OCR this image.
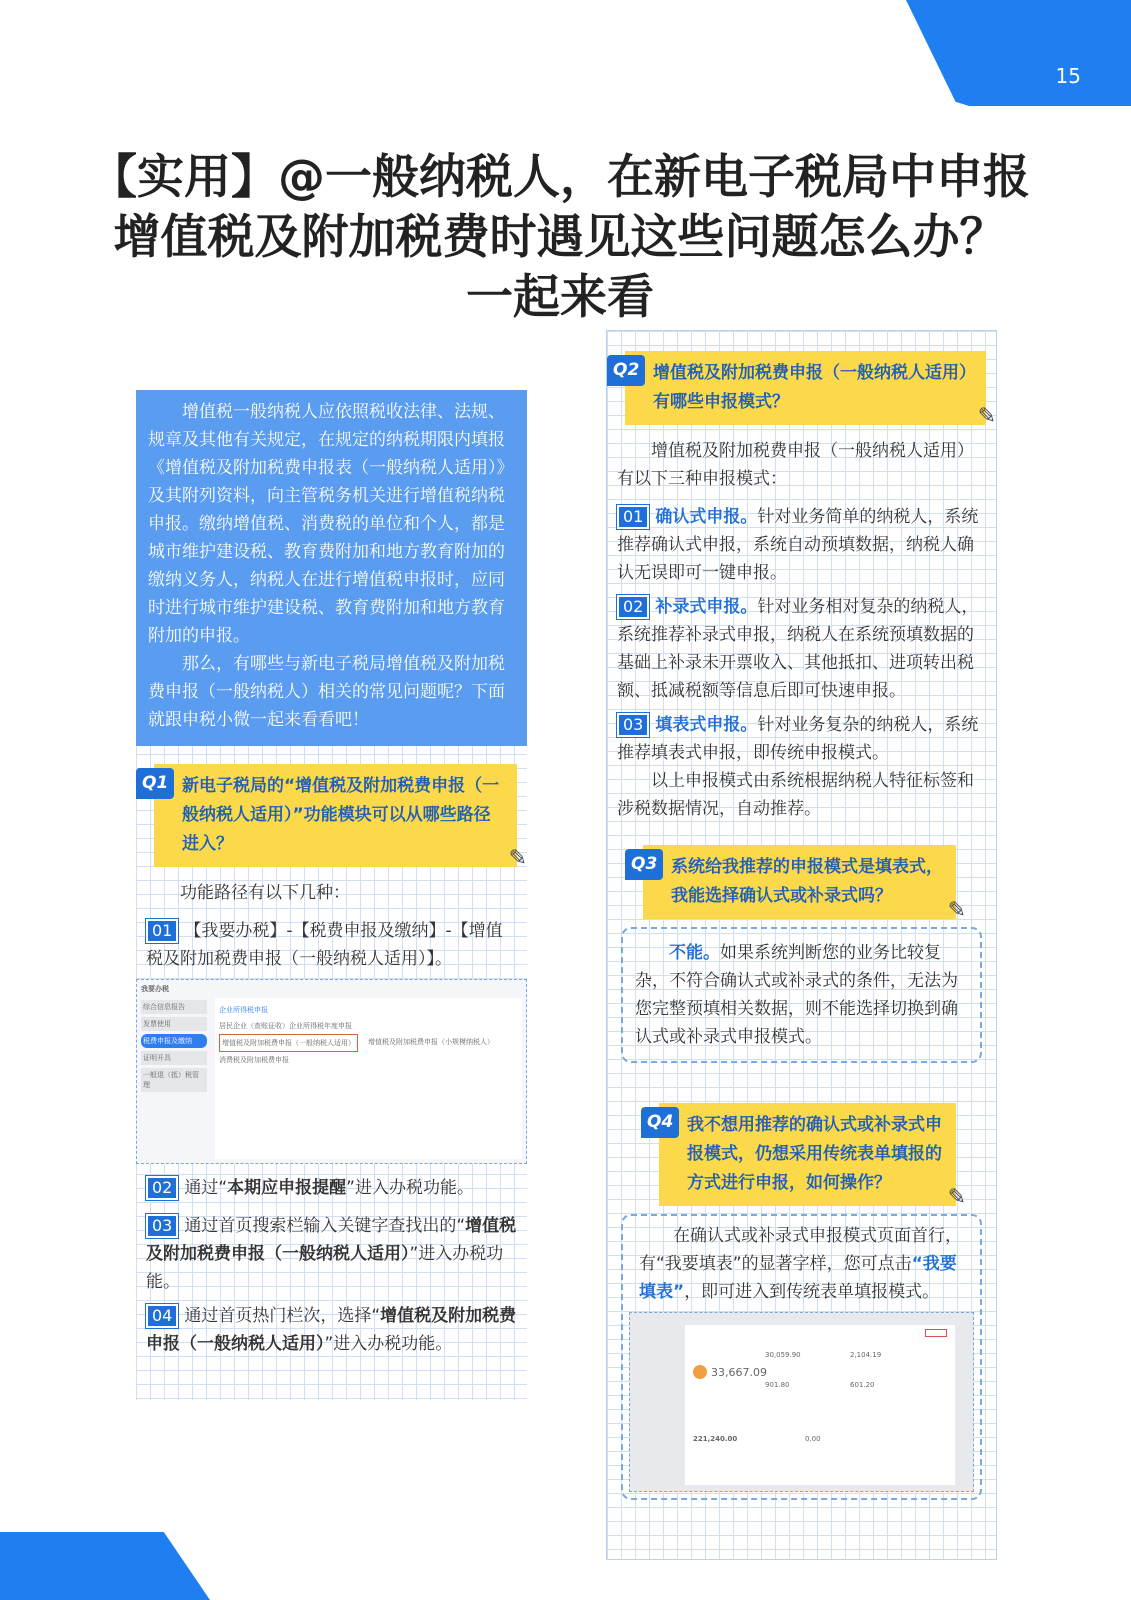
15
【实用】@一般纳税人，在新电子税局中申报
增值税及附加税费时遇见这些问题怎么办？
一起来看

增值税一般纳税人应依照税收法律、法规、规章及其他有关规定，在规定的纳税期限内填报《增值税及附加税费申报表（一般纳税人适用）》及其附列资料，向主管税务机关进行增值税纳税申报。缴纳增值税、消费税的单位和个人，都是城市维护建设税、教育费附加和地方教育附加的缴纳义务人，纳税人在进行增值税申报时，应同时进行城市维护建设税、教育费附加和地方教育附加的申报。

那么，有哪些与新电子税局增值税及附加税费申报（一般纳税人）相关的常见问题呢？下面就跟申税小微一起来看看吧！

Q1 新电子税局的“增值税及附加税费申报（一般纳税人适用）”功能模块可以从哪些路径进入？
✎
功能路径有以下几种：
01 【我要办税】-【税费申报及缴纳】-【增值税及附加税费申报（一般纳税人适用）】。
我要办税
综合信息报告
发票使用
税费申报及缴纳
证明开具
一般退（抵）税管理
企业所得税申报
居民企业（查账征收）企业所得税年度申报
增值税及附加税费申报（一般纳税人适用）	增值税及附加税费申报（小规模纳税人）
消费税及附加税费申报
02 通过“本期应申报提醒”进入办税功能。
03 通过首页搜索栏输入关键字查找出的“增值税及附加税费申报（一般纳税人适用）”进入办税功能。
04 通过首页热门栏次，选择“增值税及附加税费申报（一般纳税人适用）”进入办税功能。
Q2 增值税及附加税费申报（一般纳税人适用）有哪些申报模式？
✎
增值税及附加税费申报（一般纳税人适用）有以下三种申报模式：
01 确认式申报。针对业务简单的纳税人，系统推荐确认式申报，系统自动预填数据，纳税人确认无误即可一键申报。
02 补录式申报。针对业务相对复杂的纳税人，系统推荐补录式申报，纳税人在系统预填数据的基础上补录未开票收入、其他抵扣、进项转出税额、抵减税额等信息后即可快速申报。
03 填表式申报。针对业务复杂的纳税人，系统推荐填表式申报，即传统申报模式。
以上申报模式由系统根据纳税人特征标签和涉税数据情况，自动推荐。
Q3 系统给我推荐的申报模式是填表式，我能选择确认式或补录式吗？
✎
不能。如果系统判断您的业务比较复杂，不符合确认式或补录式的条件，无法为您完整预填相关数据，则不能选择切换到确认式或补录式申报模式。
Q4 我不想用推荐的确认式或补录式申报模式，仍想采用传统表单填报的方式进行申报，如何操作？
✎
在确认式或补录式申报模式页面首行，有“我要填表”的显著字样，您可点击“我要填表”，即可进入到传统表单填报模式。
33,667.09
30,059.90	2,104.19
901.80	601.20
221,240.00	0.00
